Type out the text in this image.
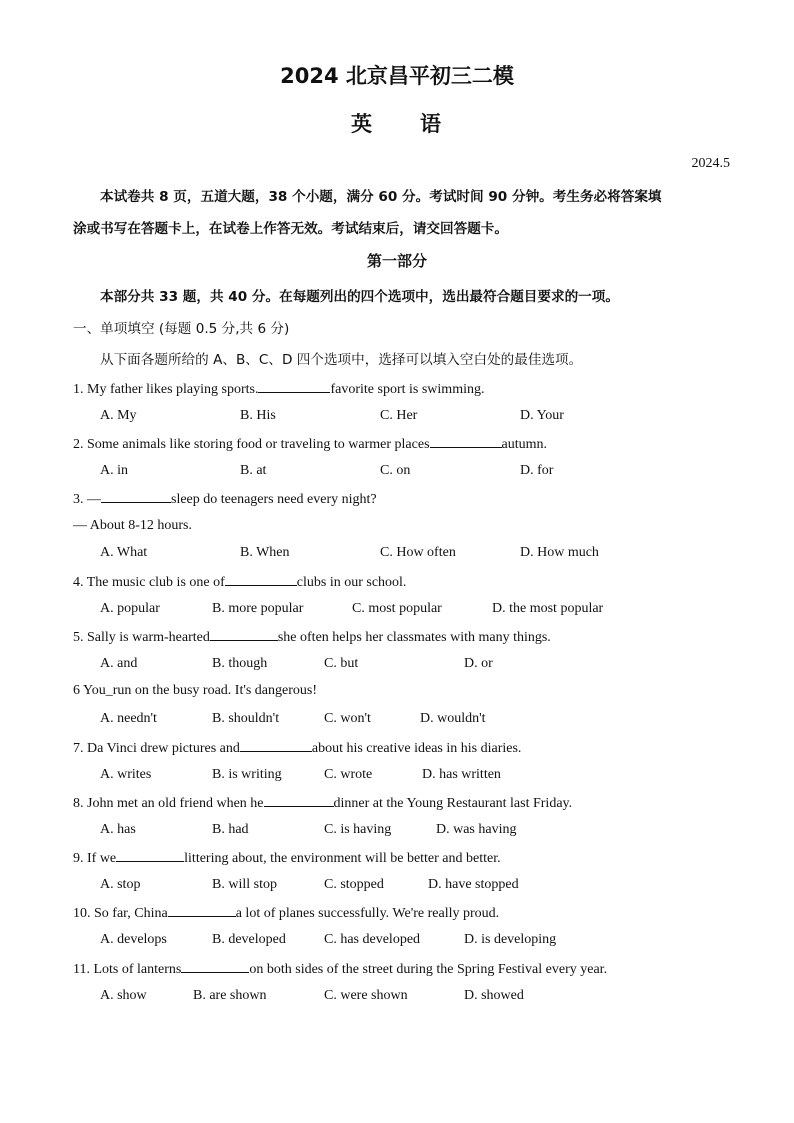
2024 北京昌平初三二模
英 语
2024.5
本试卷共 8 页，五道大题，38 个小题，满分 60 分。考试时间 90 分钟。考生务必将答案填
涂或书写在答题卡上，在试卷上作答无效。考试结束后，请交回答题卡。
第一部分
本部分共 33 题，共 40 分。在每题列出的四个选项中，选出最符合题目要求的一项。
一、单项填空 (每题 0.5 分,共 6 分)
从下面各题所给的 A、B、C、D 四个选项中，选择可以填入空白处的最佳选项。
1. My father likes playing sports.	favorite sport is swimming.
A. My	B. His	C. Her	D. Your
2. Some animals like storing food or traveling to warmer places	autumn.
A. in	B. at	C. on	D. for
3. —	sleep do teenagers need every night?
— About 8-12 hours.
A. What	B. When	C. How often	D. How much
4. The music club is one of	clubs in our school.
A. popular	B. more popular	C. most popular	D. the most popular
5. Sally is warm-hearted	she often helps her classmates with many things.
A. and	B. though	C. but	D. or
6 You_run on the busy road. It's dangerous!
A. needn't	B. shouldn't	C. won't	D. wouldn't
7. Da Vinci drew pictures and	about his creative ideas in his diaries.
A. writes	B. is writing	C. wrote	D. has written
8. John met an old friend when he	dinner at the Young Restaurant last Friday.
A. has	B. had	C. is having	D. was having
9. If we	littering about, the environment will be better and better.
A. stop	B. will stop	C. stopped	D. have stopped
10. So far, China	a lot of planes successfully. We're really proud.
A. develops	B. developed	C. has developed	D. is developing
11. Lots of lanterns	on both sides of the street during the Spring Festival every year.
A. show	B. are shown	C. were shown	D. showed
